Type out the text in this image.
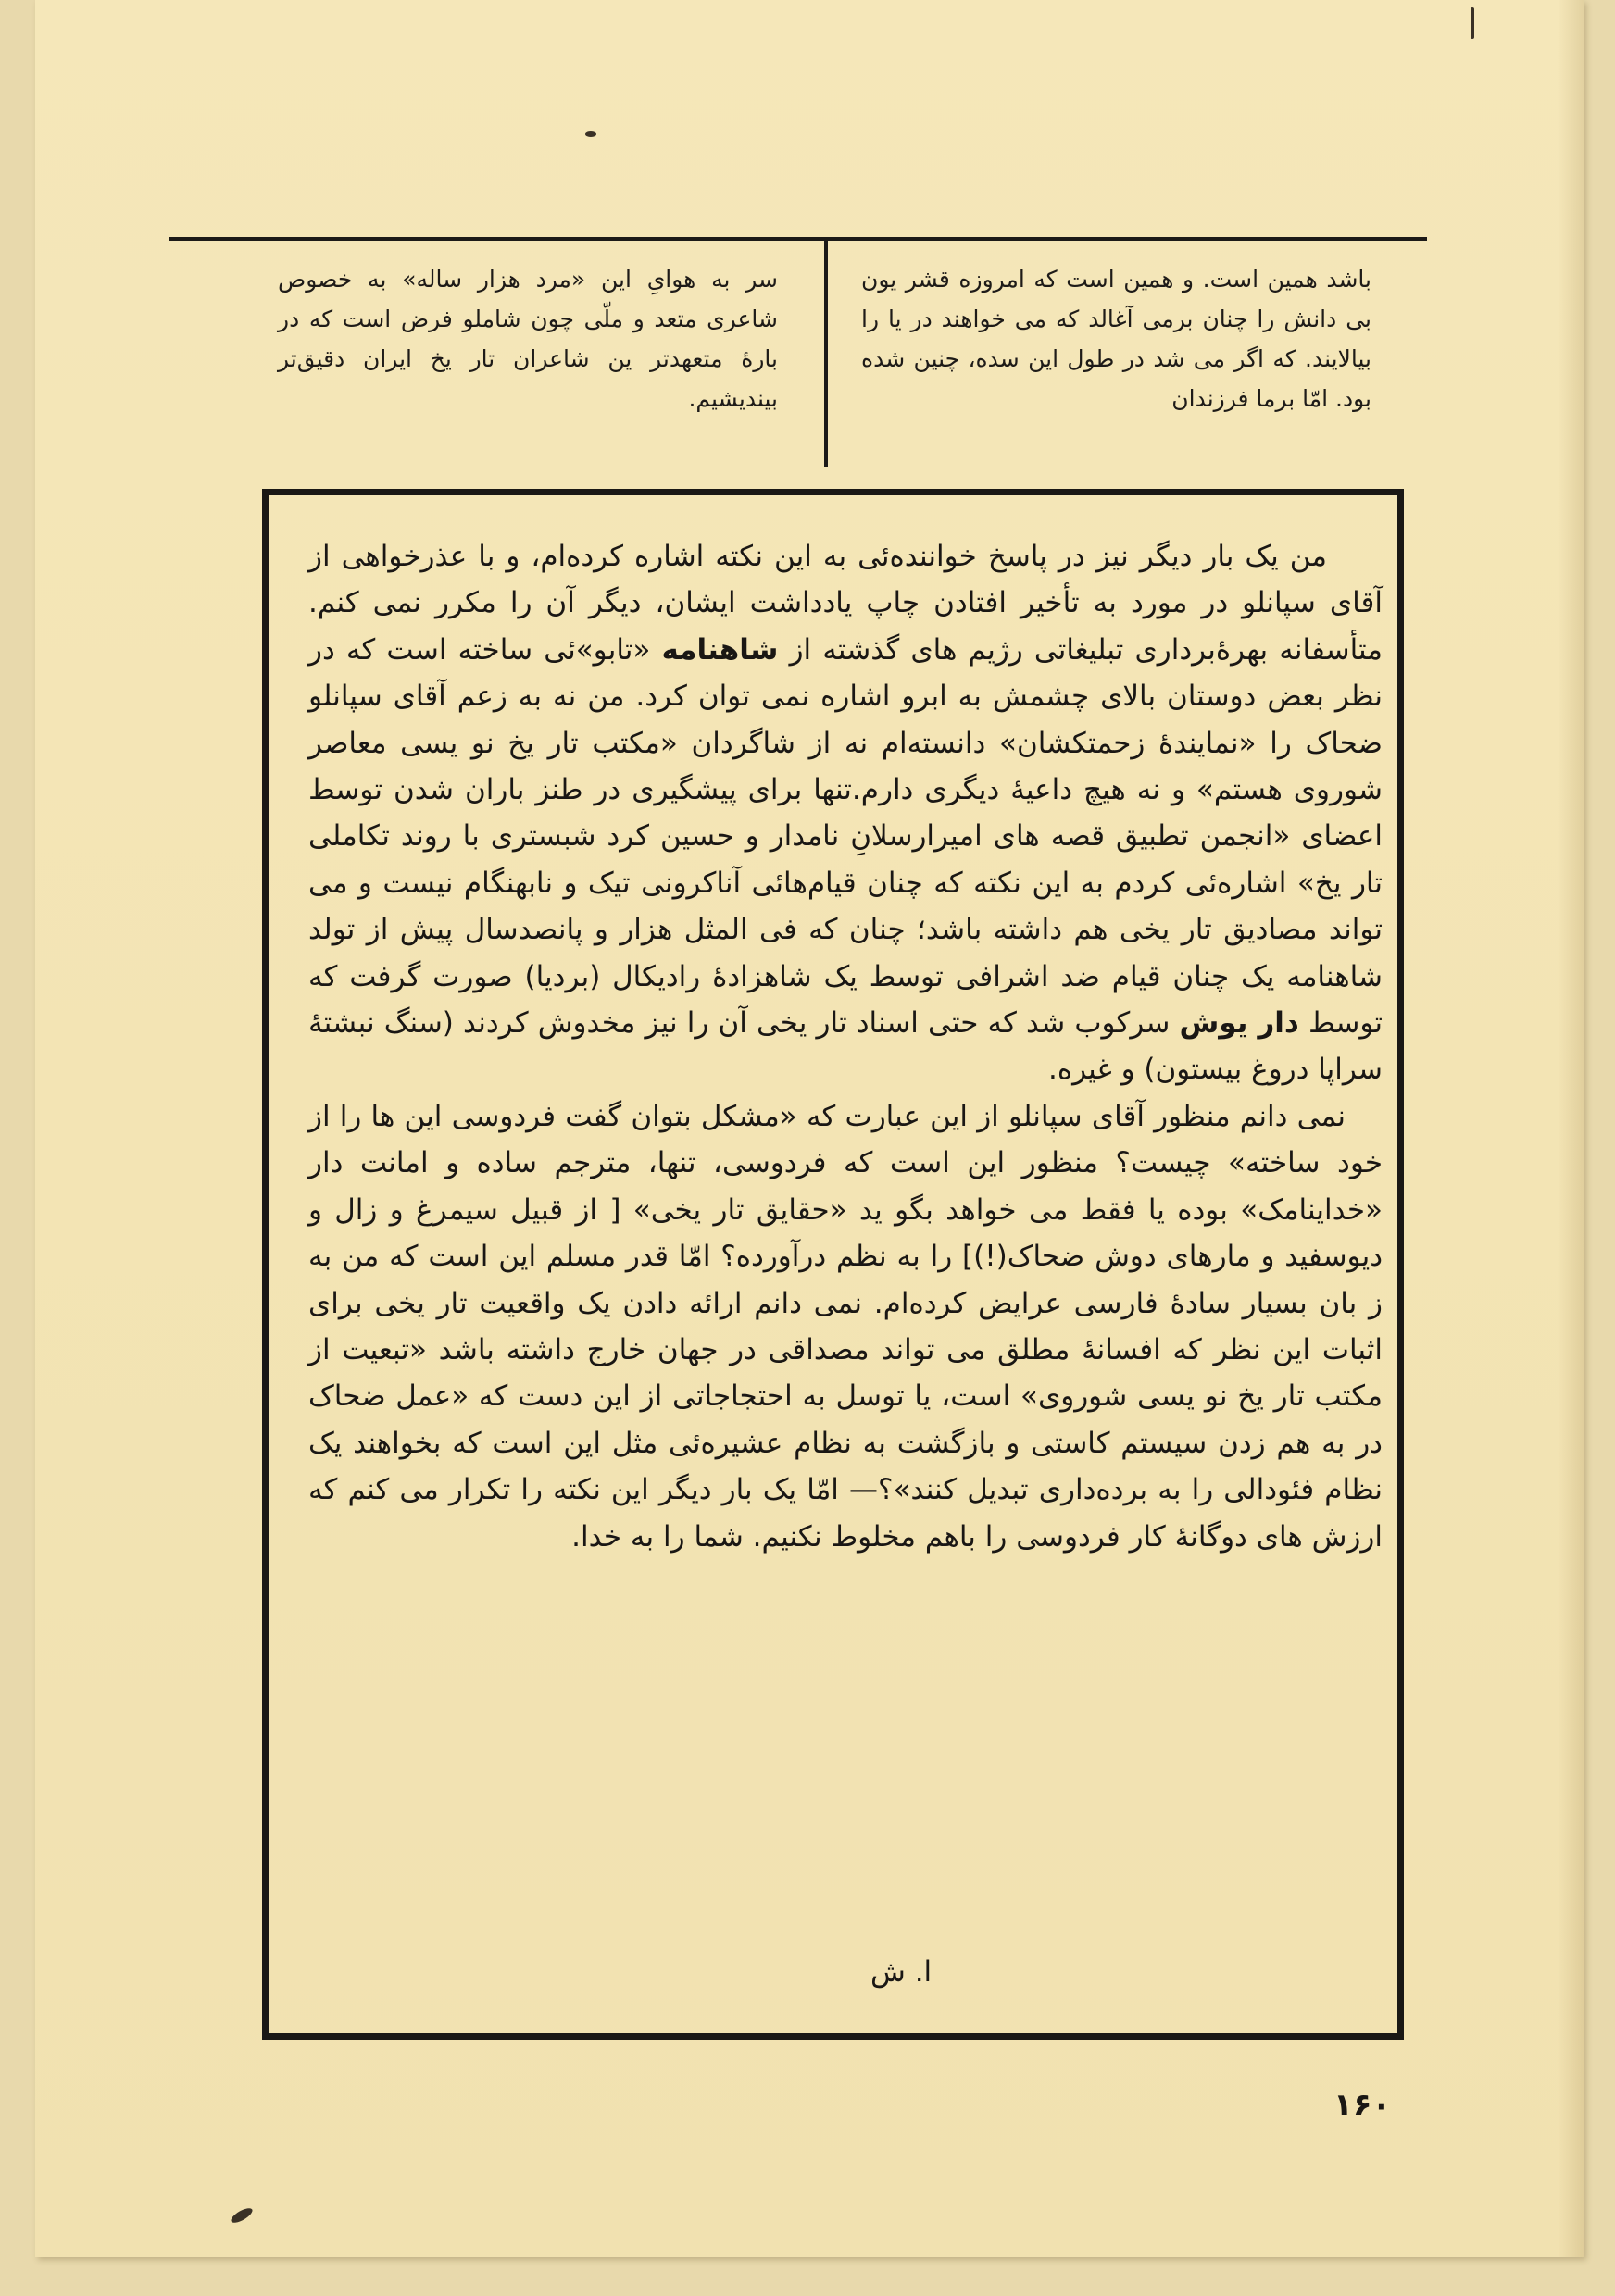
باشد همین است. و همین است که امروزه قشر یون بی دانش را چنان برمی آغالد که می خواهند در یا را بیالایند. که اگر می شد در طول این سده، چنین شده بود. امّا برما فرزندان

سر به هوایِ این «مرد هزار ساله» به خصوص شاعری متعد و ملّی چون شاملو فرض است که در بارهٔ متعهدتر ین شاعران تار یخ ایران دقیق‌تر بیندیشیم.

من یک بار دیگر نیز در پاسخ خواننده‌ئی به این نکته اشاره کرده‌ام، و با عذرخواهی از آقای سپانلو در مورد به تأخیر افتادن چاپ یادداشت ایشان، دیگر آن را مکرر نمی کنم. متأسفانه بهرهٔ‌برداری تبلیغاتی رژیم های گذشته از شاهنامه «تابو»ئی ساخته است که در نظر بعض دوستان بالای چشمش به ابرو اشاره نمی توان کرد. من نه به زعم آقای سپانلو ضحاک را «نمایندهٔ زحمتکشان» دانسته‌ام نه از شاگردان «مکتب تار یخ نو یسی معاصر شوروی هستم» و نه هیچ داعیهٔ دیگری دارم.تنها برای پیشگیری در طنز باران شدن توسط اعضای «انجمن تطبیق قصه های امیرارسلانِ نامدار و حسین کرد شبستری با روند تکاملی تار یخ» اشاره‌ئی کردم به این نکته که چنان قیام‌هائی آناکرونی تیک و نابهنگام نیست و می تواند مصادیق تار یخی هم داشته باشد؛ چنان که فی المثل هزار و پانصدسال پیش از تولد شاهنامه یک چنان قیام ضد اشرافی توسط یک شاهزادهٔ رادیکال (بردیا) صورت گرفت که توسط دار یوش سرکوب شد که حتی اسناد تار یخی آن را نیز مخدوش کردند (سنگ نبشتهٔ سراپا دروغ بیستون) و غیره.

نمی دانم منظور آقای سپانلو از این عبارت که «مشکل بتوان گفت فردوسی این ها را از خود ساخته» چیست؟ منظور این است که فردوسی، تنها، مترجم ساده و امانت دار «خداینامک» بوده یا فقط می خواهد بگو ید «حقایق تار یخی» [ از قبیل سیمرغ و زال و دیوسفید و مارهای دوش ضحاک(!)] را به نظم درآورده؟ امّا قدر مسلم این است که من به ز بان بسیار سادهٔ فارسی عرایض کرده‌ام. نمی دانم ارائه دادن یک واقعیت تار یخی برای اثبات این نظر که افسانهٔ مطلق می تواند مصداقی در جهان خارج داشته باشد «تبعیت از مکتب تار یخ نو یسی شوروی» است، یا توسل به احتجاجاتی از این دست که «عمل ضحاک در به هم زدن سیستم کاستی و بازگشت به نظام عشیره‌ئی مثل این است که بخواهند یک نظام فئودالی را به برده‌داری تبدیل کنند»؟— امّا یک بار دیگر این نکته را تکرار می کنم که ارزش های دوگانهٔ کار فردوسی را باهم مخلوط نکنیم. شما را به خدا.

ا. ش
۱۶۰
